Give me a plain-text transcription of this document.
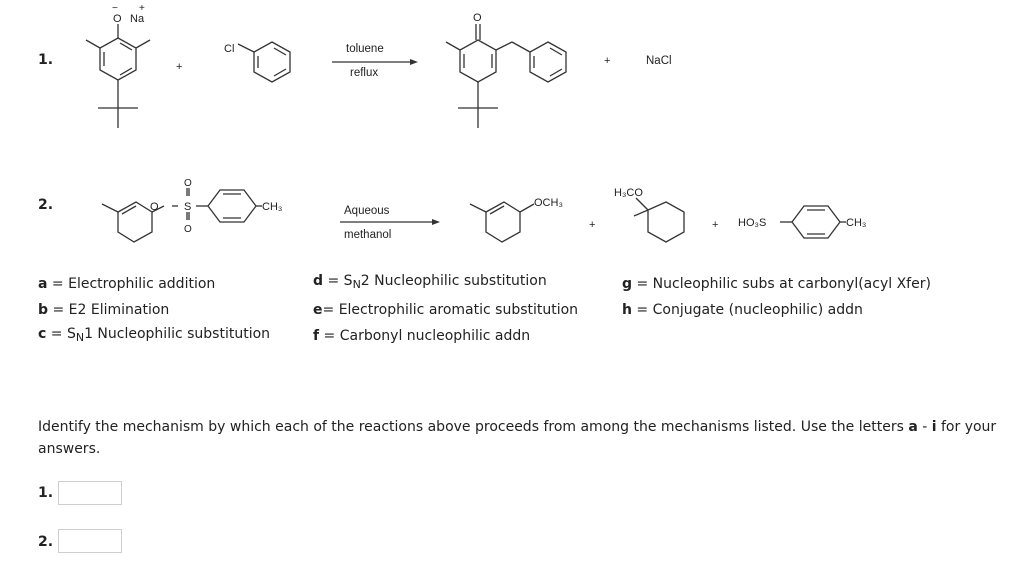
1.
2.
O
−
Na
+
+
Cl	toluene
reflux
O
+	NaCl
O S
O
O
CH₃	Aqueous
methanol
OCH₃
+
H₃CO
+ HO₃S	CH₃
a = Electrophilic addition
b = E2 Elimination
$c = S_N1$ Nucleophilic substitution
$d = S_N2$ Nucleophilic substitution
e= Electrophilic aromatic substitution
f = Carbonyl nucleophilic addn
g = Nucleophilic subs at carbonyl(acyl Xfer)
h = Conjugate (nucleophilic) addn
Identify the mechanism by which each of the reactions above proceeds from among the mechanisms listed. Use the letters a - i for your answers.
1.
2.
